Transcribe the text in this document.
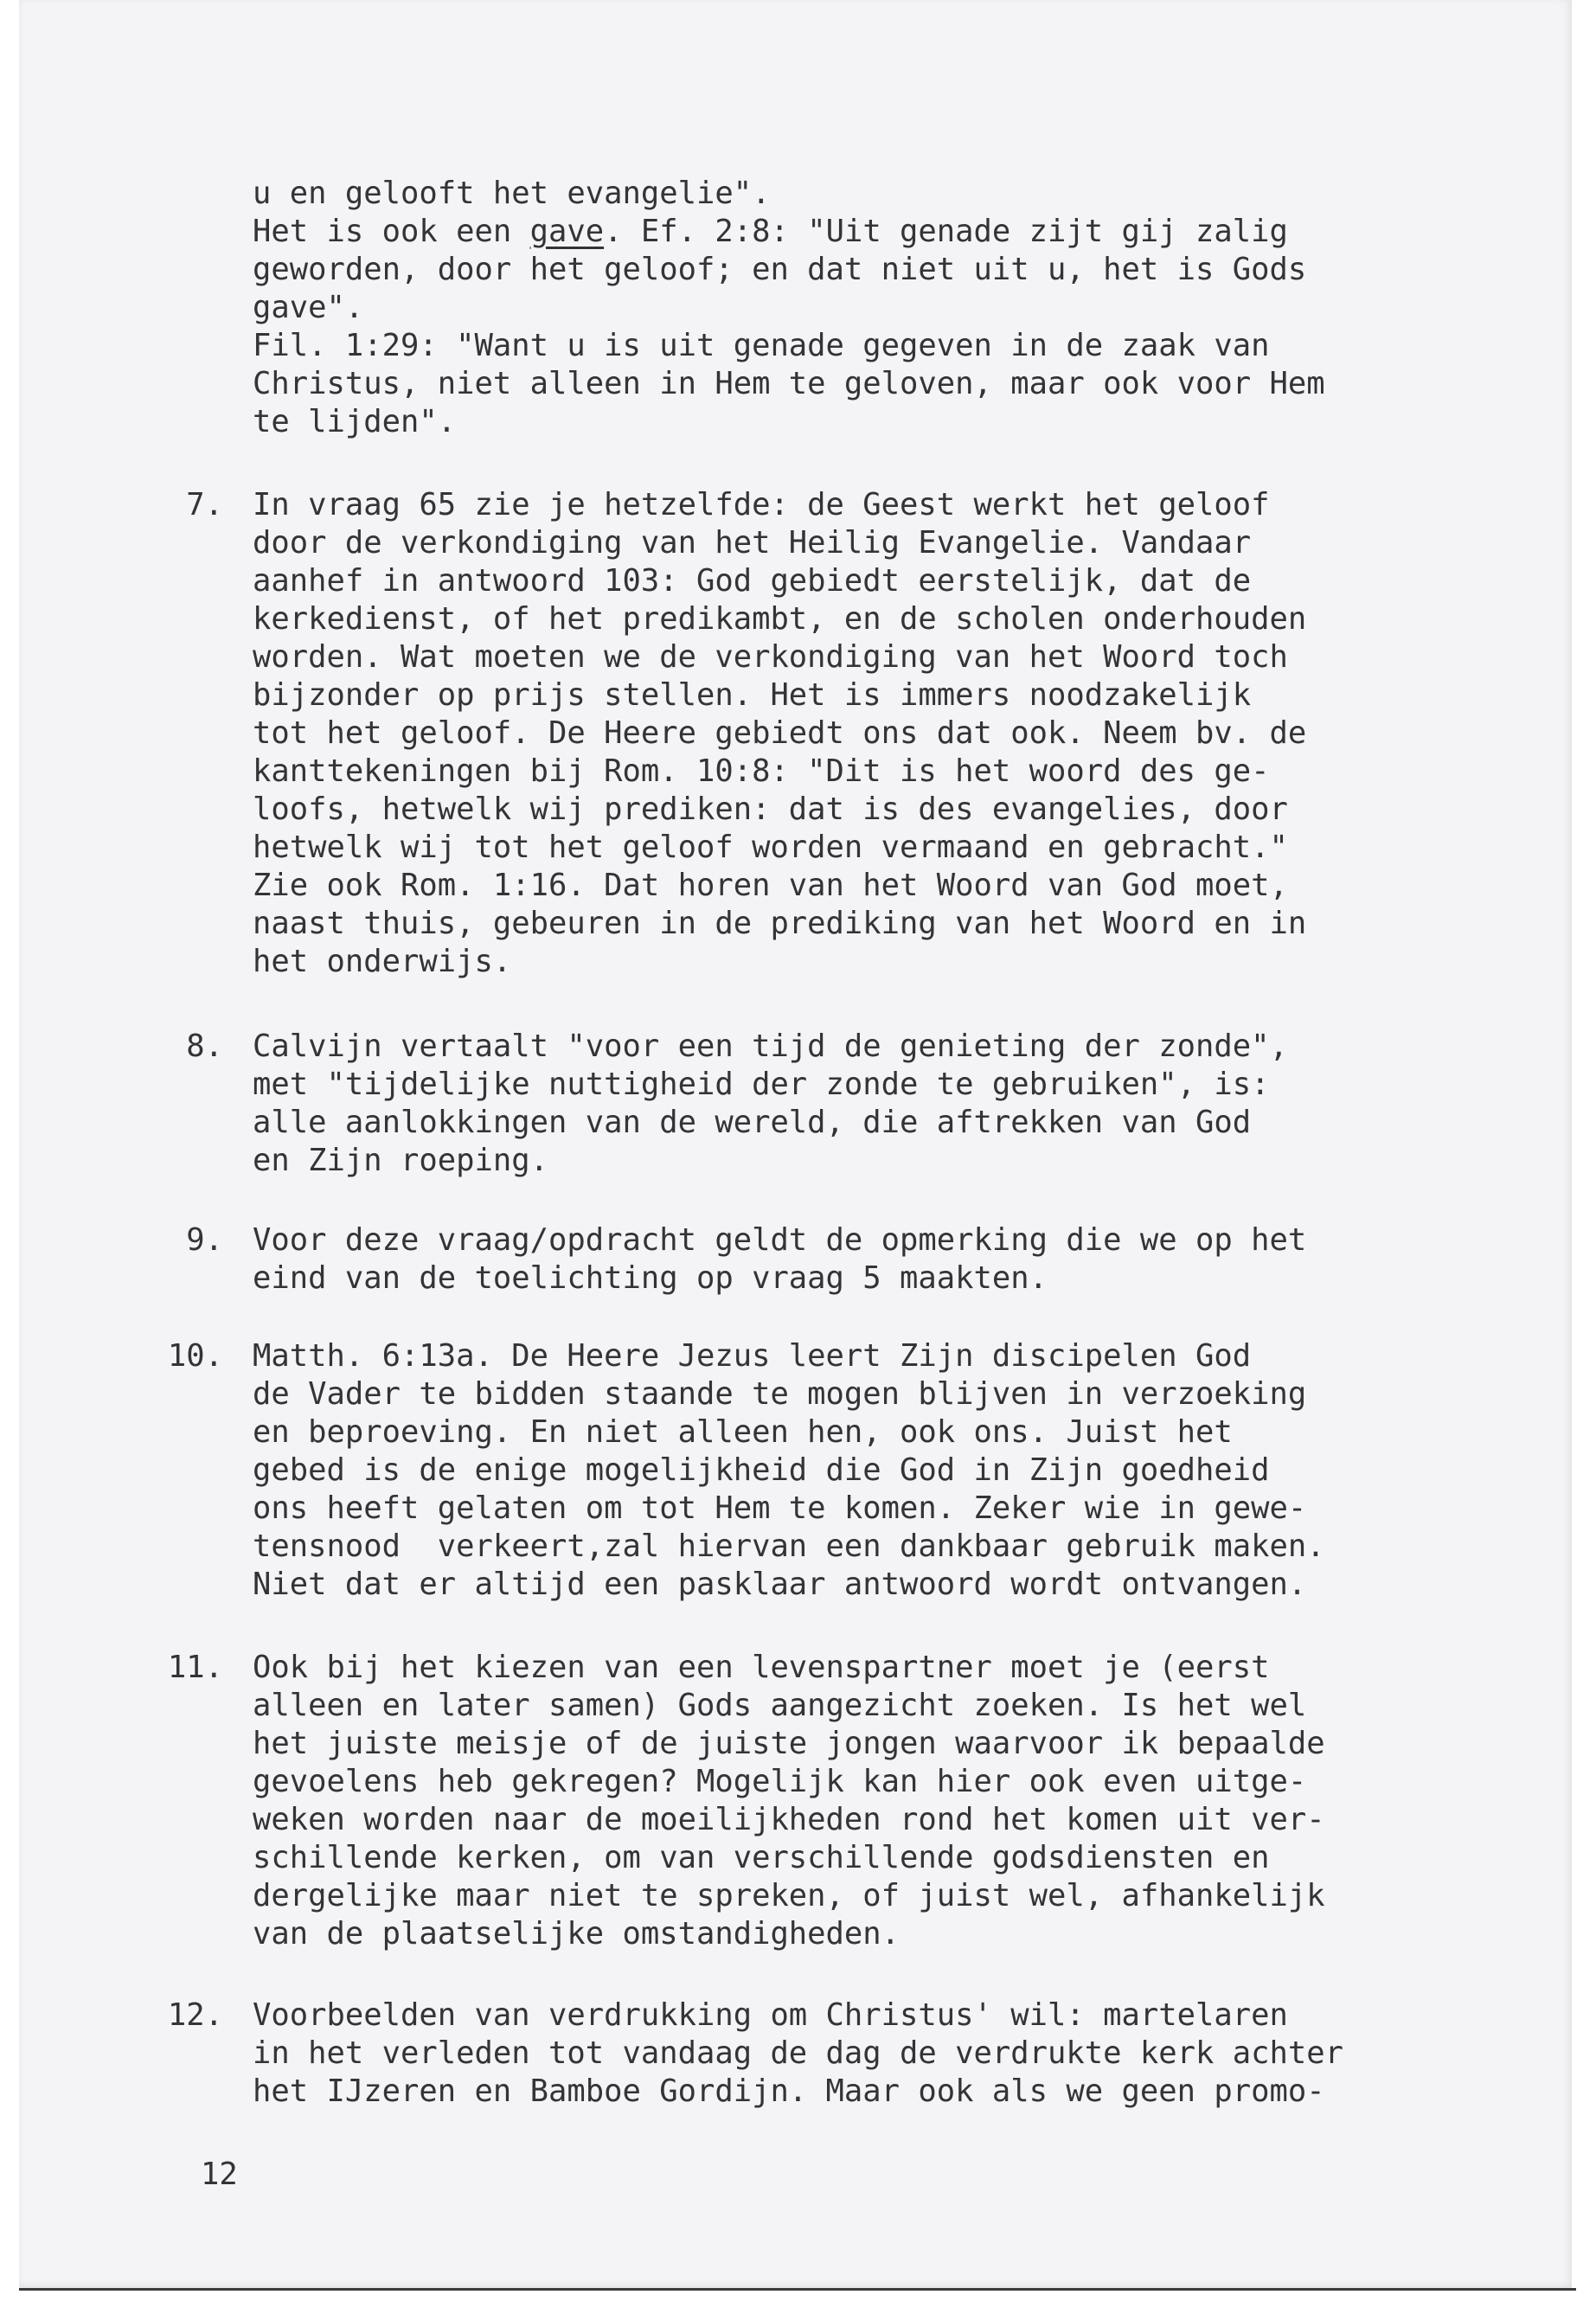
u en gelooft het evangelie".
Het is ook een gave. Ef. 2:8: "Uit genade zijt gij zalig
geworden, door het geloof; en dat niet uit u, het is Gods
gave".
Fil. 1:29: "Want u is uit genade gegeven in de zaak van
Christus, niet alleen in Hem te geloven, maar ook voor Hem
te lijden".
7. In vraag 65 zie je hetzelfde: de Geest werkt het geloof
door de verkondiging van het Heilig Evangelie. Vandaar
aanhef in antwoord 103: God gebiedt eerstelijk, dat de
kerkedienst, of het predikambt, en de scholen onderhouden
worden. Wat moeten we de verkondiging van het Woord toch
bijzonder op prijs stellen. Het is immers noodzakelijk
tot het geloof. De Heere gebiedt ons dat ook. Neem bv. de
kanttekeningen bij Rom. 10:8: "Dit is het woord des ge-
loofs, hetwelk wij prediken: dat is des evangelies, door
hetwelk wij tot het geloof worden vermaand en gebracht."
Zie ook Rom. 1:16. Dat horen van het Woord van God moet,
naast thuis, gebeuren in de prediking van het Woord en in
het onderwijs.
8. Calvijn vertaalt "voor een tijd de genieting der zonde",
met "tijdelijke nuttigheid der zonde te gebruiken", is:
alle aanlokkingen van de wereld, die aftrekken van God
en Zijn roeping.
9. Voor deze vraag/opdracht geldt de opmerking die we op het
eind van de toelichting op vraag 5 maakten.
10. Matth. 6:13a. De Heere Jezus leert Zijn discipelen God
de Vader te bidden staande te mogen blijven in verzoeking
en beproeving. En niet alleen hen, ook ons. Juist het
gebed is de enige mogelijkheid die God in Zijn goedheid
ons heeft gelaten om tot Hem te komen. Zeker wie in gewe-
tensnood  verkeert,zal hiervan een dankbaar gebruik maken.
Niet dat er altijd een pasklaar antwoord wordt ontvangen.
11. Ook bij het kiezen van een levenspartner moet je (eerst
alleen en later samen) Gods aangezicht zoeken. Is het wel
het juiste meisje of de juiste jongen waarvoor ik bepaalde
gevoelens heb gekregen? Mogelijk kan hier ook even uitge-
weken worden naar de moeilijkheden rond het komen uit ver-
schillende kerken, om van verschillende godsdiensten en
dergelijke maar niet te spreken, of juist wel, afhankelijk
van de plaatselijke omstandigheden.
12. Voorbeelden van verdrukking om Christus' wil: martelaren
in het verleden tot vandaag de dag de verdrukte kerk achter
het IJzeren en Bamboe Gordijn. Maar ook als we geen promo-
12
